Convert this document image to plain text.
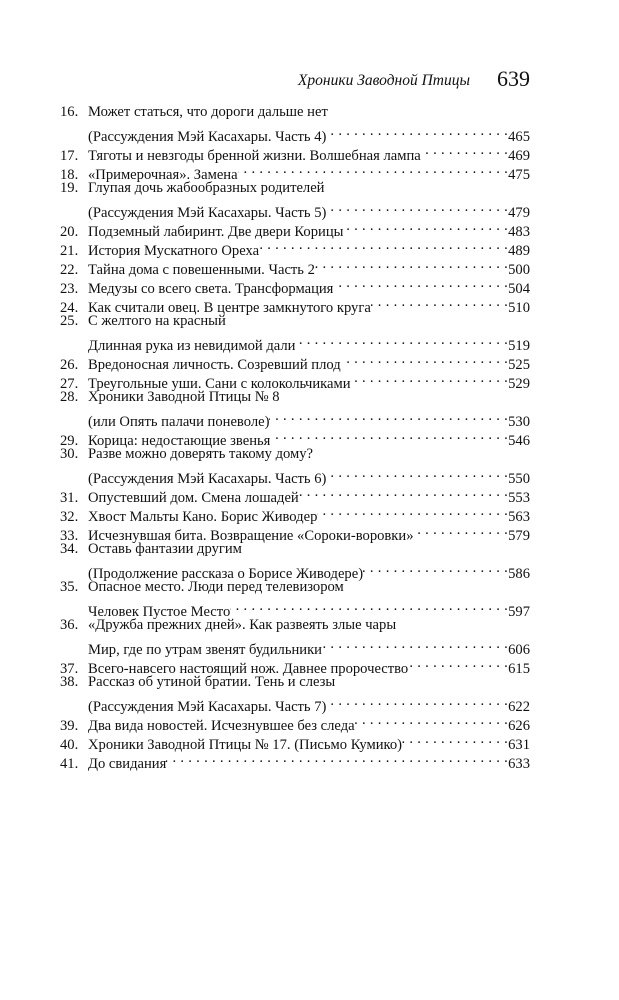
Хроники Заводной Птицы 639
16. Может статься, что дороги дальше нет
(Рассуждения Мэй Касахары. Часть 4) . . .	465
17. Тяготы и невзгоды бренной жизни. Волшебная лампа . . .	469
18. «Примерочная». Замена . . .	475
19. Глупая дочь жабообразных родителей
(Рассуждения Мэй Касахары. Часть 5) . . .	479
20. Подземный лабиринт. Две двери Корицы . . .	483
21. История Мускатного Ореха . . .	489
22. Тайна дома с повешенными. Часть 2 . . .	500
23. Медузы со всего света. Трансформация . . .	504
24. Как считали овец. В центре замкнутого круга . . .	510
25. С желтого на красный
Длинная рука из невидимой дали . . .	519
26. Вредоносная личность. Созревший плод . . .	525
27. Треугольные уши. Сани с колокольчиками . . .	529
28. Хроники Заводной Птицы № 8
(или Опять палачи поневоле) . . .	530
29. Корица: недостающие звенья . . .	546
30. Разве можно доверять такому дому?
(Рассуждения Мэй Касахары. Часть 6) . . .	550
31. Опустевший дом. Смена лошадей . . .	553
32. Хвост Мальты Кано. Борис Живодер . . .	563
33. Исчезнувшая бита. Возвращение «Сороки-воровки» . . .	579
34. Оставь фантазии другим
(Продолжение рассказа о Борисе Живодере) . . .	586
35. Опасное место. Люди перед телевизором
Человек Пустое Место . . .	597
36. «Дружба прежних дней». Как развеять злые чары
Мир, где по утрам звенят будильники . . .	606
37. Всего-навсего настоящий нож. Давнее пророчество . . .	615
38. Рассказ об утиной братии. Тень и слезы
(Рассуждения Мэй Касахары. Часть 7) . . .	622
39. Два вида новостей. Исчезнувшее без следа . . .	626
40. Хроники Заводной Птицы № 17. (Письмо Кумико) . . .	631
41. До свидания . . .	633
